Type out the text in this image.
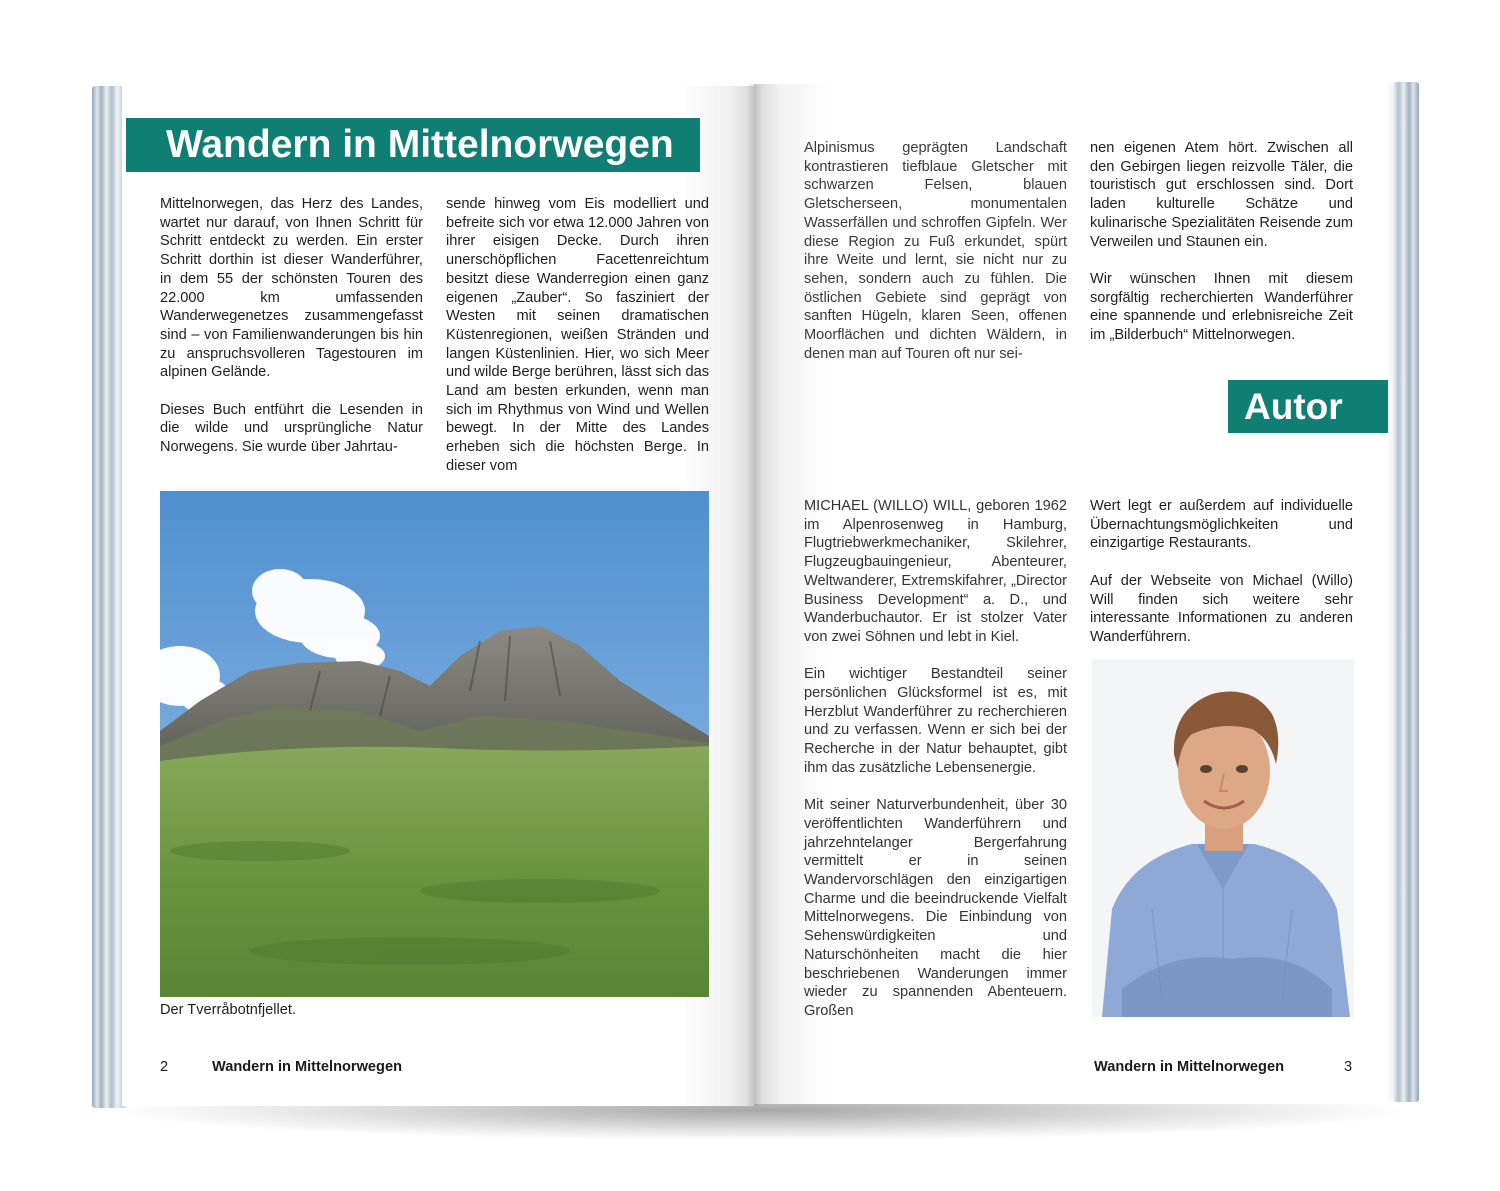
Wandern in Mittelnorwegen

Mittelnorwegen, das Herz des Landes, wartet nur darauf, von Ihnen Schritt für Schritt entdeckt zu werden. Ein erster Schritt dorthin ist dieser Wanderführer, in dem 55 der schönsten Touren des 22.000 km umfassenden Wanderwegenetzes zusammengefasst sind – von Familienwanderungen bis hin zu anspruchsvolleren Tagestouren im alpinen Gelände.

Dieses Buch entführt die Lesenden in die wilde und ursprüngliche Natur Norwegens. Sie wurde über Jahrtau-

sende hinweg vom Eis modelliert und befreite sich vor etwa 12.000 Jahren von ihrer eisigen Decke. Durch ihren unerschöpflichen Facettenreichtum besitzt diese Wanderregion einen ganz eigenen „Zauber“. So fasziniert der Westen mit seinen dramatischen Küstenregionen, weißen Stränden und langen Küstenlinien. Hier, wo sich Meer und wilde Berge berühren, lässt sich das Land am besten erkunden, wenn man sich im Rhythmus von Wind und Wellen bewegt. In der Mitte des Landes erheben sich die höchsten Berge. In dieser vom

Der Tverråbotnfjellet.
2	Wandern in Mittelnorwegen

Alpinismus geprägten Landschaft kontrastieren tiefblaue Gletscher mit schwarzen Felsen, blauen Gletscherseen, monumentalen Wasserfällen und schroffen Gipfeln. Wer diese Region zu Fuß erkundet, spürt ihre Weite und lernt, sie nicht nur zu sehen, sondern auch zu fühlen. Die östlichen Gebiete sind geprägt von sanften Hügeln, klaren Seen, offenen Moorflächen und dichten Wäldern, in denen man auf Touren oft nur sei-

nen eigenen Atem hört. Zwischen all den Gebirgen liegen reizvolle Täler, die touristisch gut erschlossen sind. Dort laden kulturelle Schätze und kulinarische Spezialitäten Reisende zum Verweilen und Staunen ein.

Wir wünschen Ihnen mit diesem sorgfältig recherchierten Wanderführer eine spannende und erlebnisreiche Zeit im „Bilderbuch“ Mittelnorwegen.

Autor

MICHAEL (WILLO) WILL, geboren 1962 im Alpenrosenweg in Hamburg, Flugtriebwerkmechaniker, Skilehrer, Flugzeugbauingenieur, Abenteurer, Weltwanderer, Extremskifahrer, „Director Business Development“ a. D., und Wanderbuchautor. Er ist stolzer Vater von zwei Söhnen und lebt in Kiel.

Ein wichtiger Bestandteil seiner persönlichen Glücksformel ist es, mit Herzblut Wanderführer zu recherchieren und zu verfassen. Wenn er sich bei der Recherche in der Natur behauptet, gibt ihm das zusätzliche Lebensenergie.

Mit seiner Naturverbundenheit, über 30 veröffentlichten Wanderführern und jahrzehntelanger Bergerfahrung vermittelt er in seinen Wandervorschlägen den einzigartigen Charme und die beeindruckende Vielfalt Mittelnorwegens. Die Einbindung von Sehenswürdigkeiten und Naturschönheiten macht die hier beschriebenen Wanderungen immer wieder zu spannenden Abenteuern. Großen

Wert legt er außerdem auf individuelle Übernachtungsmöglichkeiten und einzigartige Restaurants.

Auf der Webseite von Michael (Willo) Will finden sich weitere sehr interessante Informationen zu anderen Wanderführern.

Wandern in Mittelnorwegen	3
